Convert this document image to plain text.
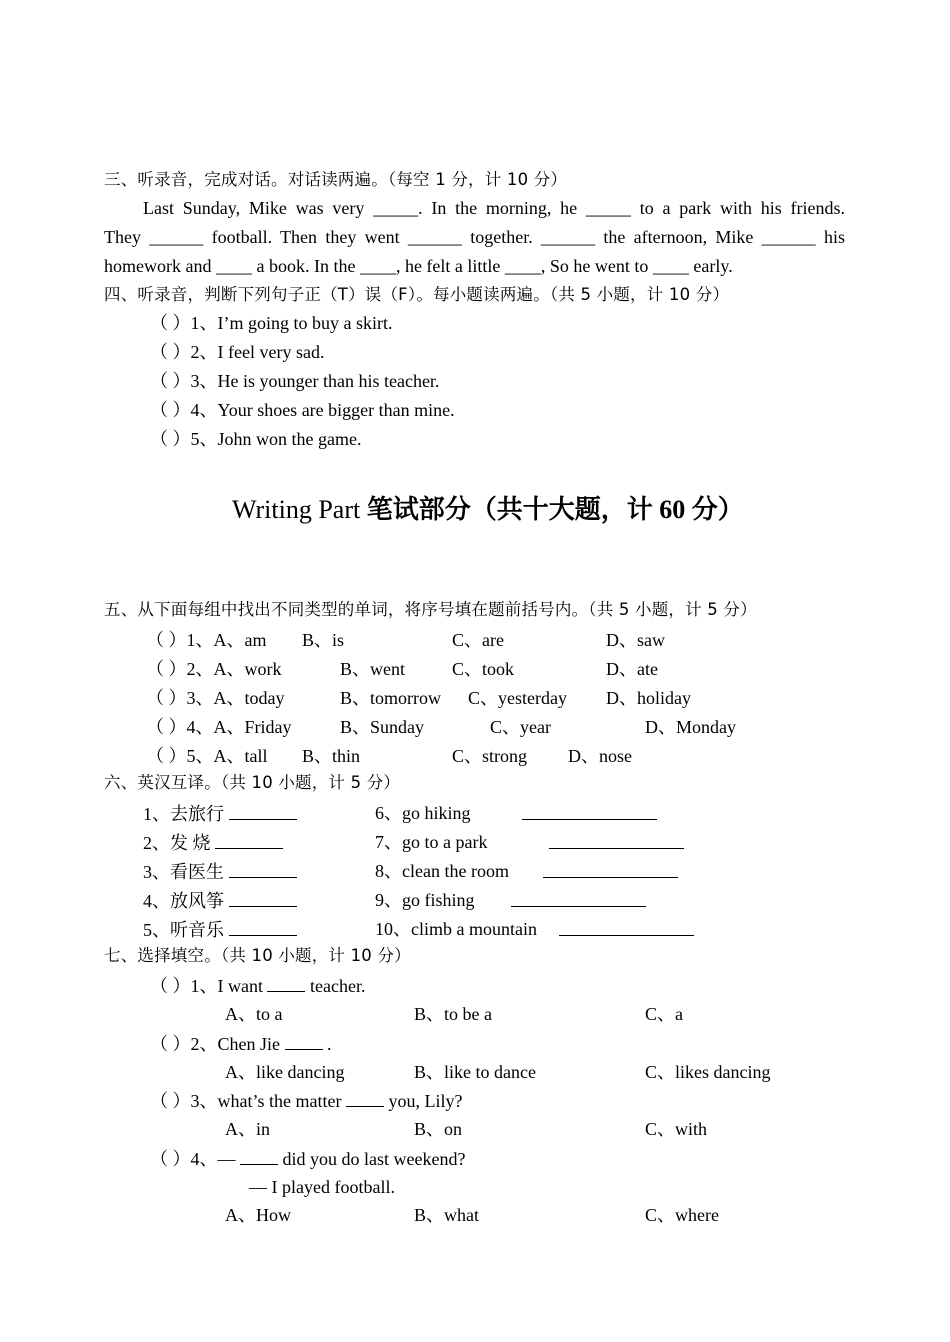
三、听录音，完成对话。对话读两遍。（每空 1 分，计 10 分）

Last Sunday, Mike was very _____. In the morning, he _____ to a park with his friends.

They ______ football. Then they went ______ together. ______ the afternoon, Mike ______ his

homework and ____ a book. In the ____, he felt a little ____, So he went to ____ early.

四、听录音，判断下列句子正（T）误（F）。每小题读两遍。（共 5 小题，计 10 分）
（ ）1、I’m going to buy a skirt.
（ ）2、I feel very sad.
（ ）3、He is younger than his teacher.
（ ）4、Your shoes are bigger than mine.
（ ）5、John won the game.
Writing Part 笔试部分（共十大题，计 60 分）
五、从下面每组中找出不同类型的单词，将序号填在题前括号内。（共 5 小题，计 5 分）
（ ）1、A、am B、is	C、are	D、saw
（ ）2、A、work	B、went	C、took	D、ate
（ ）3、A、today	B、tomorrow C、yesterday D、holiday
（ ）4、A、Friday	B、Sunday	C、year	D、Monday
（ ）5、A、tall B、thin	C、strong D、nose
六、英汉互译。（共 10 小题，计 5 分）
1、去旅行
2、发 烧
3、看医生
4、放风筝
5、听音乐
6、go hiking
7、go to a park
8、clean the room
9、go fishing
10、climb a mountain
七、选择填空。（共 10 小题，计 10 分）
（ ）1、I want  teacher.
A、to a	B、to be a	C、a
（ ）2、Chen Jie  .
A、like dancing	B、like to dance	C、likes dancing
（ ）3、what’s the matter  you, Lily?
A、in	B、on	C、with
（ ）4、—  did you do last weekend?
— I played football.
A、How	B、what	C、where
